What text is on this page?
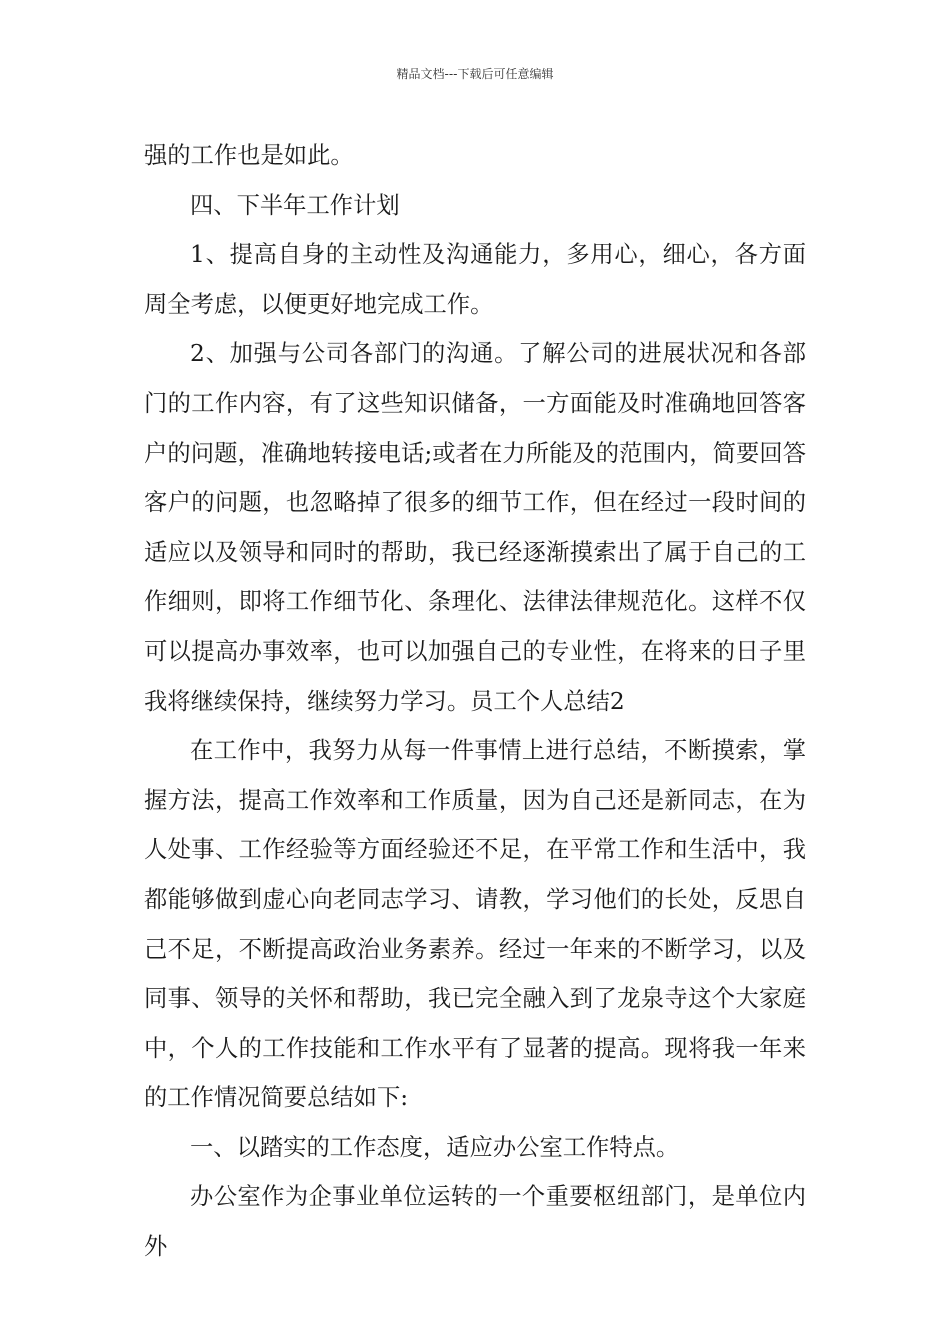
精品文档---下载后可任意编辑

强的工作也是如此。

四、下半年工作计划

1、提高自身的主动性及沟通能力，多用心，细心，各方面周全考虑，以便更好地完成工作。

2、加强与公司各部门的沟通。了解公司的进展状况和各部门的工作内容，有了这些知识储备，一方面能及时准确地回答客户的问题，准确地转接电话;或者在力所能及的范围内，简要回答客户的问题，也忽略掉了很多的细节工作，但在经过一段时间的适应以及领导和同时的帮助，我已经逐渐摸索出了属于自己的工作细则，即将工作细节化、条理化、法律法律规范化。这样不仅可以提高办事效率，也可以加强自己的专业性，在将来的日子里我将继续保持，继续努力学习。员工个人总结2

在工作中，我努力从每一件事情上进行总结，不断摸索，掌握方法，提高工作效率和工作质量，因为自己还是新同志，在为人处事、工作经验等方面经验还不足，在平常工作和生活中，我都能够做到虚心向老同志学习、请教，学习他们的长处，反思自己不足，不断提高政治业务素养。经过一年来的不断学习，以及同事、领导的关怀和帮助，我已完全融入到了龙泉寺这个大家庭中，个人的工作技能和工作水平有了显著的提高。现将我一年来的工作情况简要总结如下:

一、以踏实的工作态度，适应办公室工作特点。

办公室作为企事业单位运转的一个重要枢纽部门，是单位内外
